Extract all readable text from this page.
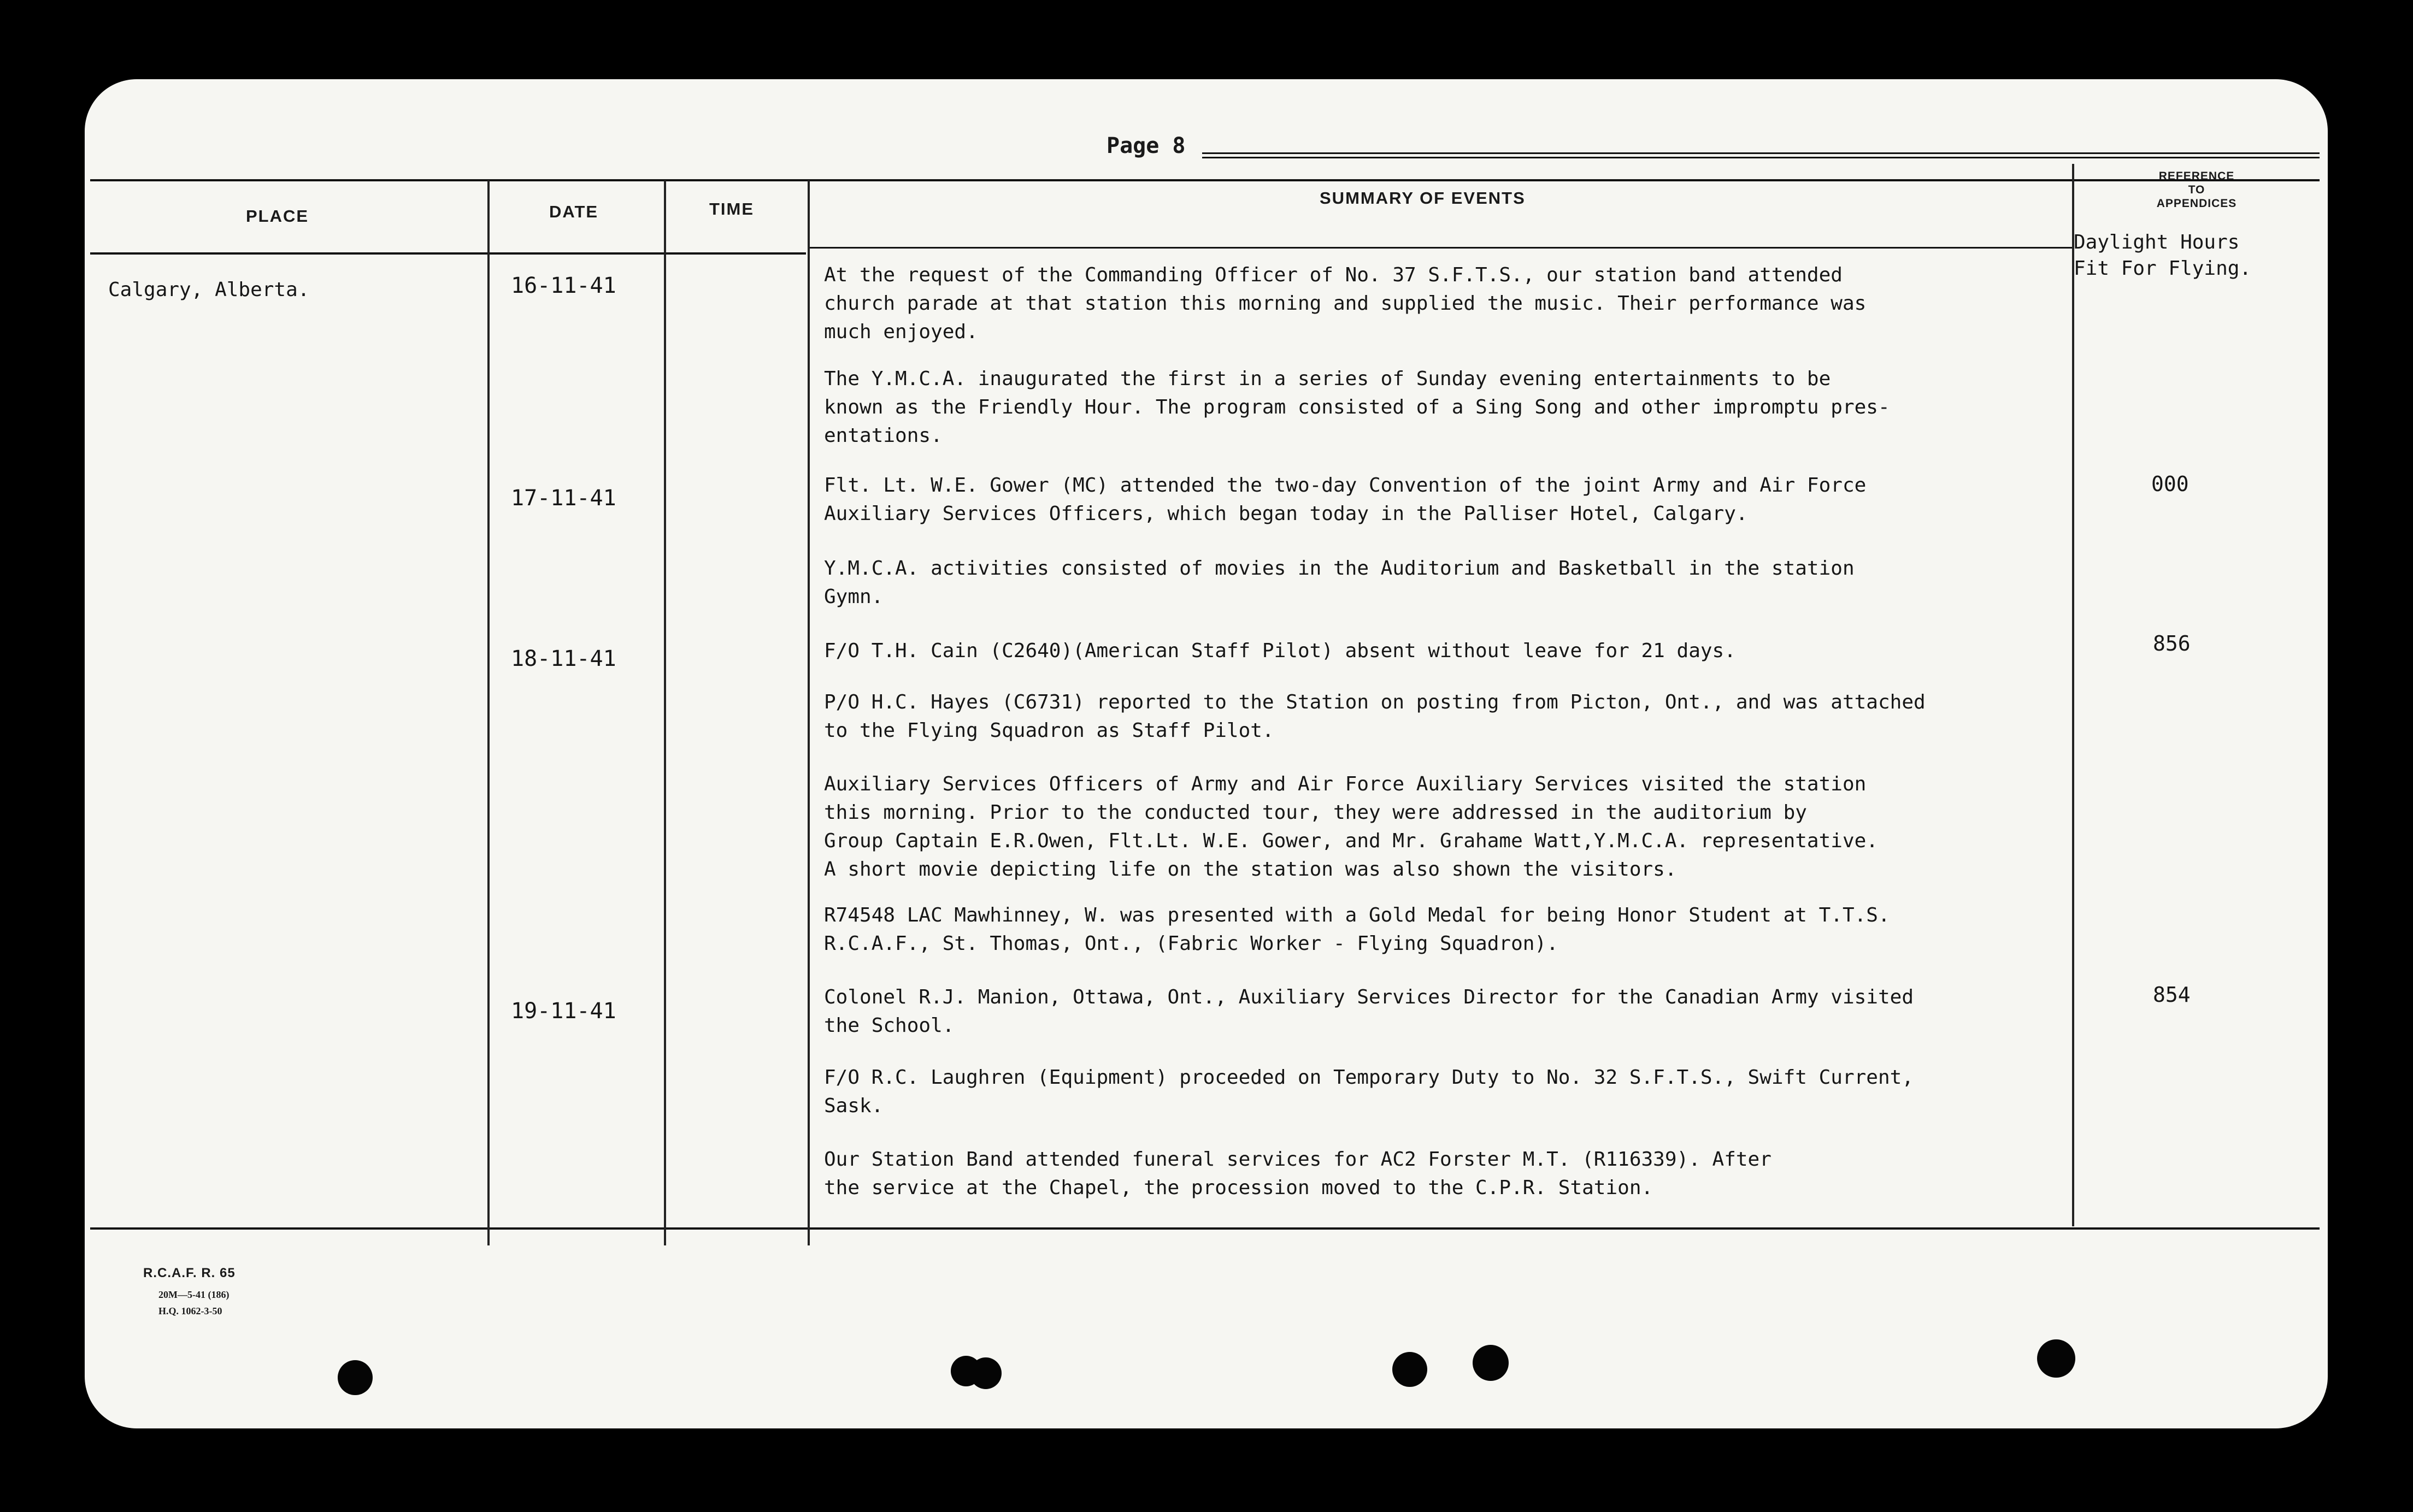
Page 8
PLACE	DATE	TIME
SUMMARY OF EVENTS
REFERENCE
TO
APPENDICES
Calgary, Alberta.
Daylight Hours
Fit For Flying.
16-11-41
17-11-41
18-11-41
19-11-41
000
856
854
At the request of the Commanding Officer of No. 37 S.F.T.S., our station band attended
church parade at that station this morning and supplied the music. Their performance was
much enjoyed.
The Y.M.C.A. inaugurated the first in a series of Sunday evening entertainments to be
known as the Friendly Hour. The program consisted of a Sing Song and other impromptu pres-
entations.
Flt. Lt. W.E. Gower (MC) attended the two-day Convention of the joint Army and Air Force
Auxiliary Services Officers, which began today in the Palliser Hotel, Calgary.
Y.M.C.A. activities consisted of movies in the Auditorium and Basketball in the station
Gymn.
F/O T.H. Cain (C2640)(American Staff Pilot) absent without leave for 21 days.
P/O H.C. Hayes (C6731) reported to the Station on posting from Picton, Ont., and was attached
to the Flying Squadron as Staff Pilot.
Auxiliary Services Officers of Army and Air Force Auxiliary Services visited the station
this morning. Prior to the conducted tour, they were addressed in the auditorium by
Group Captain E.R.Owen, Flt.Lt. W.E. Gower, and Mr. Grahame Watt,Y.M.C.A. representative.
A short movie depicting life on the station was also shown the visitors.
R74548 LAC Mawhinney, W. was presented with a Gold Medal for being Honor Student at T.T.S.
R.C.A.F., St. Thomas, Ont., (Fabric Worker - Flying Squadron).
Colonel R.J. Manion, Ottawa, Ont., Auxiliary Services Director for the Canadian Army visited
the School.
F/O R.C. Laughren (Equipment) proceeded on Temporary Duty to No. 32 S.F.T.S., Swift Current,
Sask.
Our Station Band attended funeral services for AC2 Forster M.T. (R116339). After
the service at the Chapel, the procession moved to the C.P.R. Station.
R.C.A.F. R. 65
20M—5-41 (186)
H.Q. 1062-3-50
